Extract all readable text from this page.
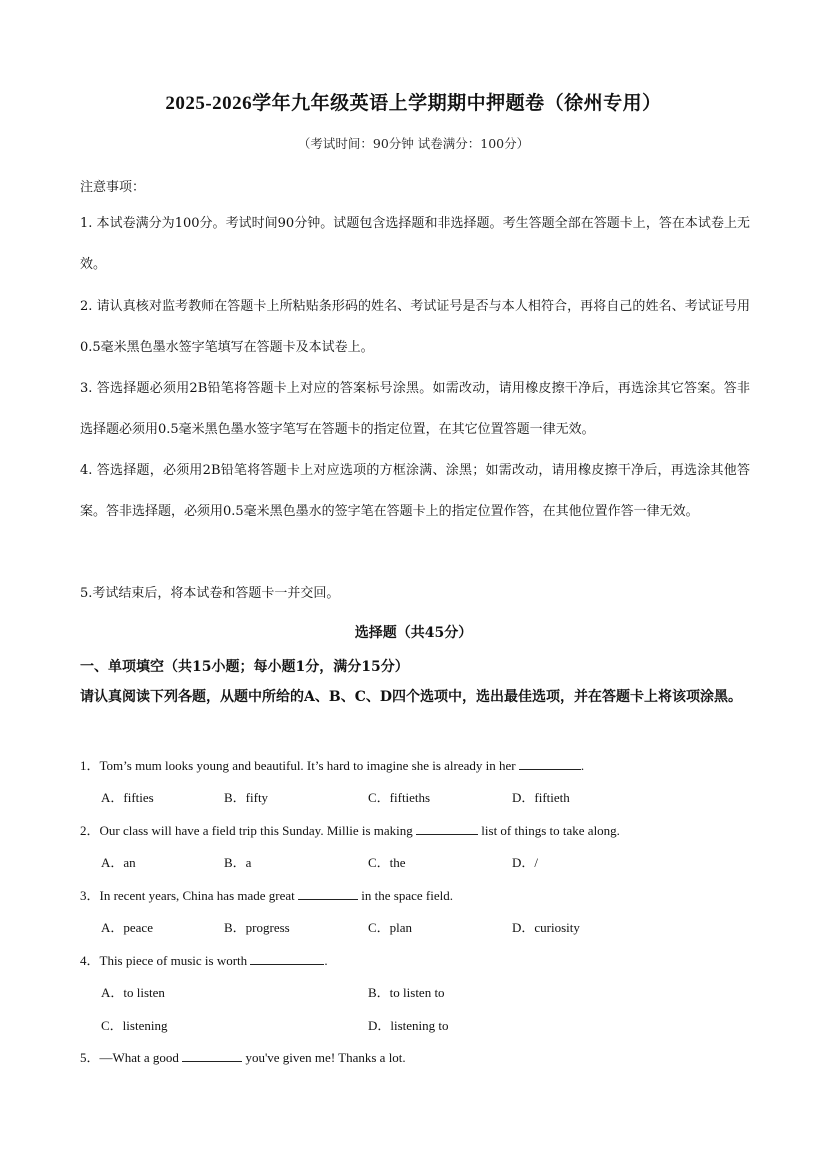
2025-2026学年九年级英语上学期期中押题卷（徐州专用）
（考试时间：90分钟 试卷满分：100分）
注意事项：
1. 本试卷满分为100分。考试时间90分钟。试题包含选择题和非选择题。考生答题全部在答题卡上，答在本试卷上无效。
2. 请认真核对监考教师在答题卡上所粘贴条形码的姓名、考试证号是否与本人相符合，再将自己的姓名、考试证号用0.5毫米黑色墨水签字笔填写在答题卡及本试卷上。
3. 答选择题必须用2B铅笔将答题卡上对应的答案标号涂黑。如需改动，请用橡皮擦干净后，再选涂其它答案。答非选择题必须用0.5毫米黑色墨水签字笔写在答题卡的指定位置，在其它位置答题一律无效。
4. 答选择题，必须用2B铅笔将答题卡上对应选项的方框涂满、涂黑；如需改动，请用橡皮擦干净后，再选涂其他答案。答非选择题，必须用0.5毫米黑色墨水的签字笔在答题卡上的指定位置作答，在其他位置作答一律无效。
5.考试结束后，将本试卷和答题卡一并交回。
选择题（共45分）
一、单项填空（共15小题；每小题1分，满分15分）
请认真阅读下列各题，从题中所给的A、B、C、D四个选项中，选出最佳选项，并在答题卡上将该项涂黑。
1．Tom’s mum looks young and beautiful. It’s hard to imagine she is already in her	.
A．fifties	B．fifty	C．fiftieths	D．fiftieth
2．Our class will have a field trip this Sunday. Millie is making	list of things to take along.
A．an	B．a	C．the	D．/
3．In recent years, China has made great	in the space field.
A．peace	B．progress	C．plan	D．curiosity
4．This piece of music is worth	.
A．to listen	B．to listen to
C．listening	D．listening to
5．—What a good	you've given me! Thanks a lot.
